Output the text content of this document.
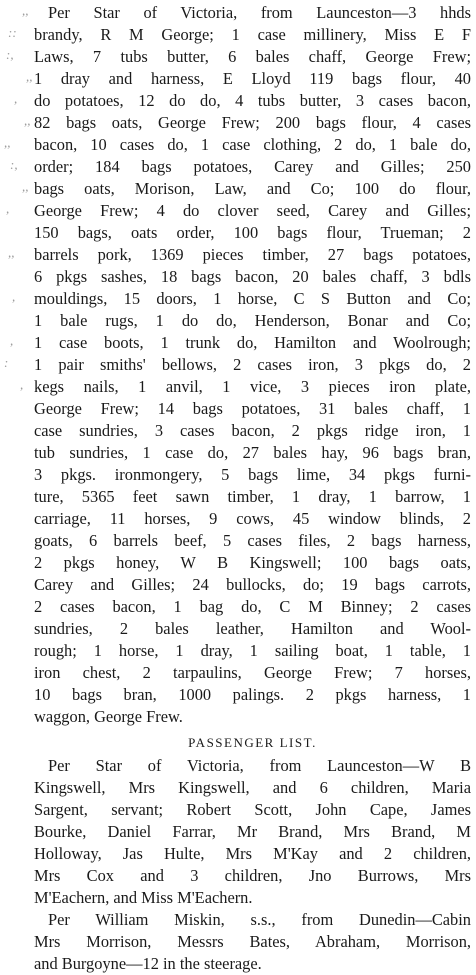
,,
::
:,
,,
,
,,
,,
:,
,,
,
,,
,
,
:
,
Per Star of Victoria, from Launceston—3 hhds
brandy, R M George; 1 case millinery, Miss E F
Laws, 7 tubs butter, 6 bales chaff, George Frew;
1 dray and harness, E Lloyd 119 bags flour, 40
do potatoes, 12 do do, 4 tubs butter, 3 cases bacon,
82 bags oats, George Frew; 200 bags flour, 4 cases
bacon, 10 cases do, 1 case clothing, 2 do, 1 bale do,
order; 184 bags potatoes, Carey and Gilles; 250
bags oats, Morison, Law, and Co; 100 do flour,
George Frew; 4 do clover seed, Carey and Gilles;
150 bags, oats order, 100 bags flour, Trueman; 2
barrels pork, 1369 pieces timber, 27 bags potatoes,
6 pkgs sashes, 18 bags bacon, 20 bales chaff, 3 bdls
mouldings, 15 doors, 1 horse, C S Button and Co;
1 bale rugs, 1 do do, Henderson, Bonar and Co;
1 case boots, 1 trunk do, Hamilton and Woolrough;
1 pair smiths' bellows, 2 cases iron, 3 pkgs do, 2
kegs nails, 1 anvil, 1 vice, 3 pieces iron plate,
George Frew; 14 bags potatoes, 31 bales chaff, 1
case sundries, 3 cases bacon, 2 pkgs ridge iron, 1
tub sundries, 1 case do, 27 bales hay, 96 bags bran,
3 pkgs. ironmongery, 5 bags lime, 34 pkgs furni-
ture, 5365 feet sawn timber, 1 dray, 1 barrow, 1
carriage, 11 horses, 9 cows, 45 window blinds, 2
goats, 6 barrels beef, 5 cases files, 2 bags harness,
2 pkgs honey, W B Kingswell; 100 bags oats,
Carey and Gilles; 24 bullocks, do; 19 bags carrots,
2 cases bacon, 1 bag do, C M Binney; 2 cases
sundries, 2 bales leather, Hamilton and Wool-
rough; 1 horse, 1 dray, 1 sailing boat, 1 table, 1
iron chest, 2 tarpaulins, George Frew; 7 horses,
10 bags bran, 1000 palings. 2 pkgs harness, 1
waggon, George Frew.
PASSENGER LIST.
Per Star of Victoria, from Launceston—W B
Kingswell, Mrs Kingswell, and 6 children, Maria
Sargent, servant; Robert Scott, John Cape, James
Bourke, Daniel Farrar, Mr Brand, Mrs Brand, M
Holloway, Jas Hulte, Mrs M'Kay and 2 children,
Mrs Cox and 3 children, Jno Burrows, Mrs
M'Eachern, and Miss M'Eachern.
Per William Miskin, s.s., from Dunedin—Cabin
Mrs Morrison, Messrs Bates, Abraham, Morrison,
and Burgoyne—12 in the steerage.
